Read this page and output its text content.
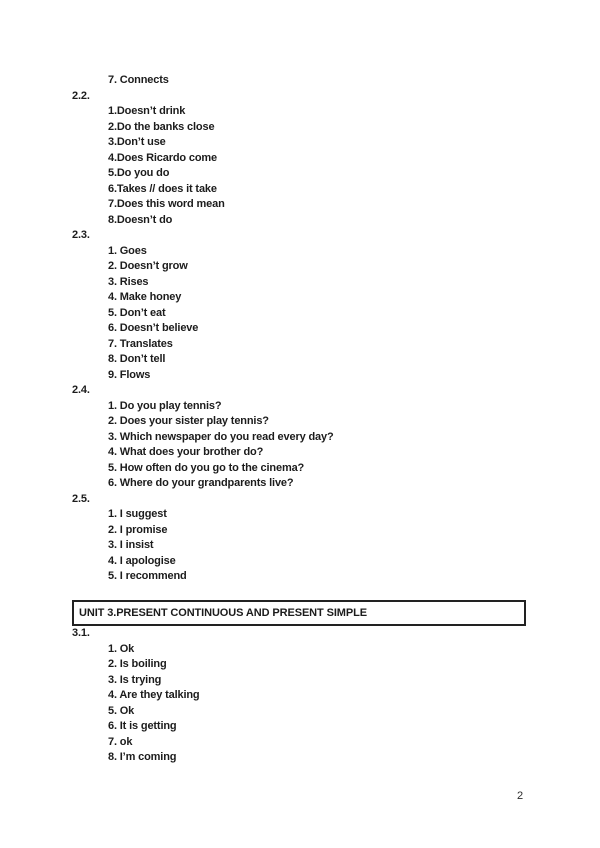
7. Connects
2.2.
1.Doesn’t drink
2.Do the banks close
3.Don’t use
4.Does Ricardo come
5.Do you do
6.Takes // does it take
7.Does this word mean
8.Doesn’t do
2.3.
1. Goes
2. Doesn’t grow
3. Rises
4. Make honey
5. Don’t eat
6. Doesn’t believe
7. Translates
8. Don’t tell
9. Flows
2.4.
1. Do you play tennis?
2. Does your sister play tennis?
3. Which newspaper do you read every day?
4. What does your brother do?
5. How often do you go to the cinema?
6. Where do your grandparents live?
2.5.
1. I suggest
2. I promise
3. I insist
4. I apologise
5. I recommend
UNIT 3.PRESENT CONTINUOUS AND PRESENT SIMPLE
3.1.
1. Ok
2. Is boiling
3. Is trying
4. Are they talking
5. Ok
6. It is getting
7. ok
8. I’m coming
2
